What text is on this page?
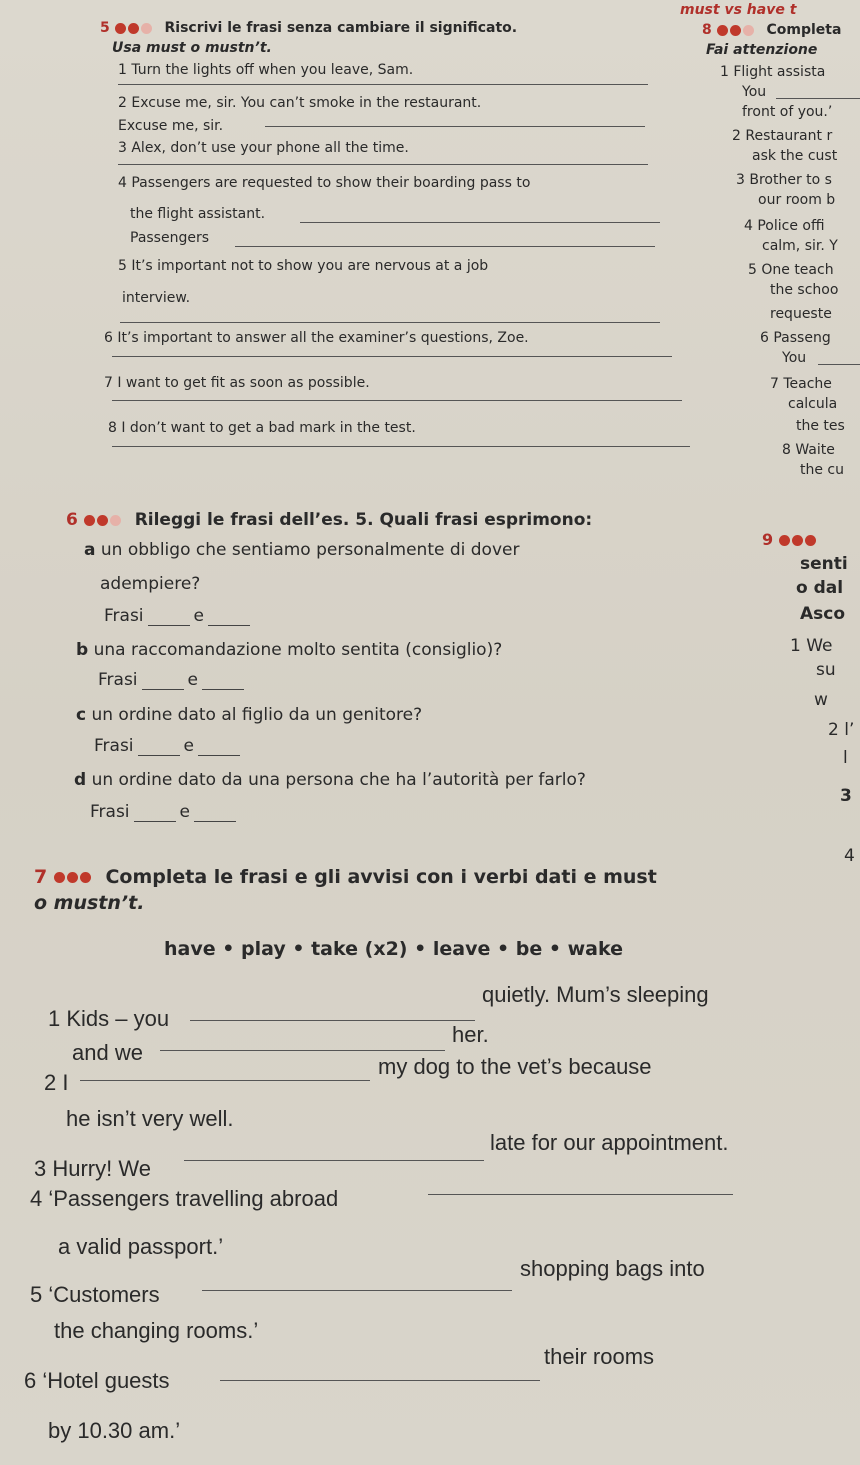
5	Riscrivi le frasi senza cambiare il significato.
Usa must o mustn’t.
1 Turn the lights off when you leave, Sam.
2 Excuse me, sir. You can’t smoke in the restaurant.
Excuse me, sir.
3 Alex, don’t use your phone all the time.
4 Passengers are requested to show their boarding pass to
the flight assistant.
Passengers
5 It’s important not to show you are nervous at a job
interview.
6 It’s important to answer all the examiner’s questions, Zoe.
7 I want to get fit as soon as possible.
8 I don’t want to get a bad mark in the test.
must vs have t
8	Completa
Fai attenzione
1 Flight assista
You
front of you.’
2 Restaurant r
ask the cust
3 Brother to s
our room b
4 Police offi
calm, sir. Y
5 One teach
the schoo
requeste
6 Passeng
You
7 Teache
calcula
the tes
8 Waite
the cu
6	Rileggi le frasi dell’es. 5. Quali frasi esprimono:
a un obbligo che sentiamo personalmente di dover
adempiere?
Frasi	e
b una raccomandazione molto sentita (consiglio)?
Frasi	e
c un ordine dato al figlio da un genitore?
Frasi	e
d un ordine dato da una persona che ha l’autorità per farlo?
Frasi	e
9
senti
o dal
Asco
1 We
su
w
2 l’
l
3
4
7	Completa le frasi e gli avvisi con i verbi dati e must
o mustn’t.
have • play • take (x2) • leave • be • wake
1 Kids – you
quietly. Mum’s sleeping
and we
her.
2 I
my dog to the vet’s because
he isn’t very well.
3 Hurry! We
late for our appointment.
4 ‘Passengers travelling abroad
a valid passport.’
5 ‘Customers
shopping bags into
the changing rooms.’
6 ‘Hotel guests
their rooms
by 10.30 am.’
